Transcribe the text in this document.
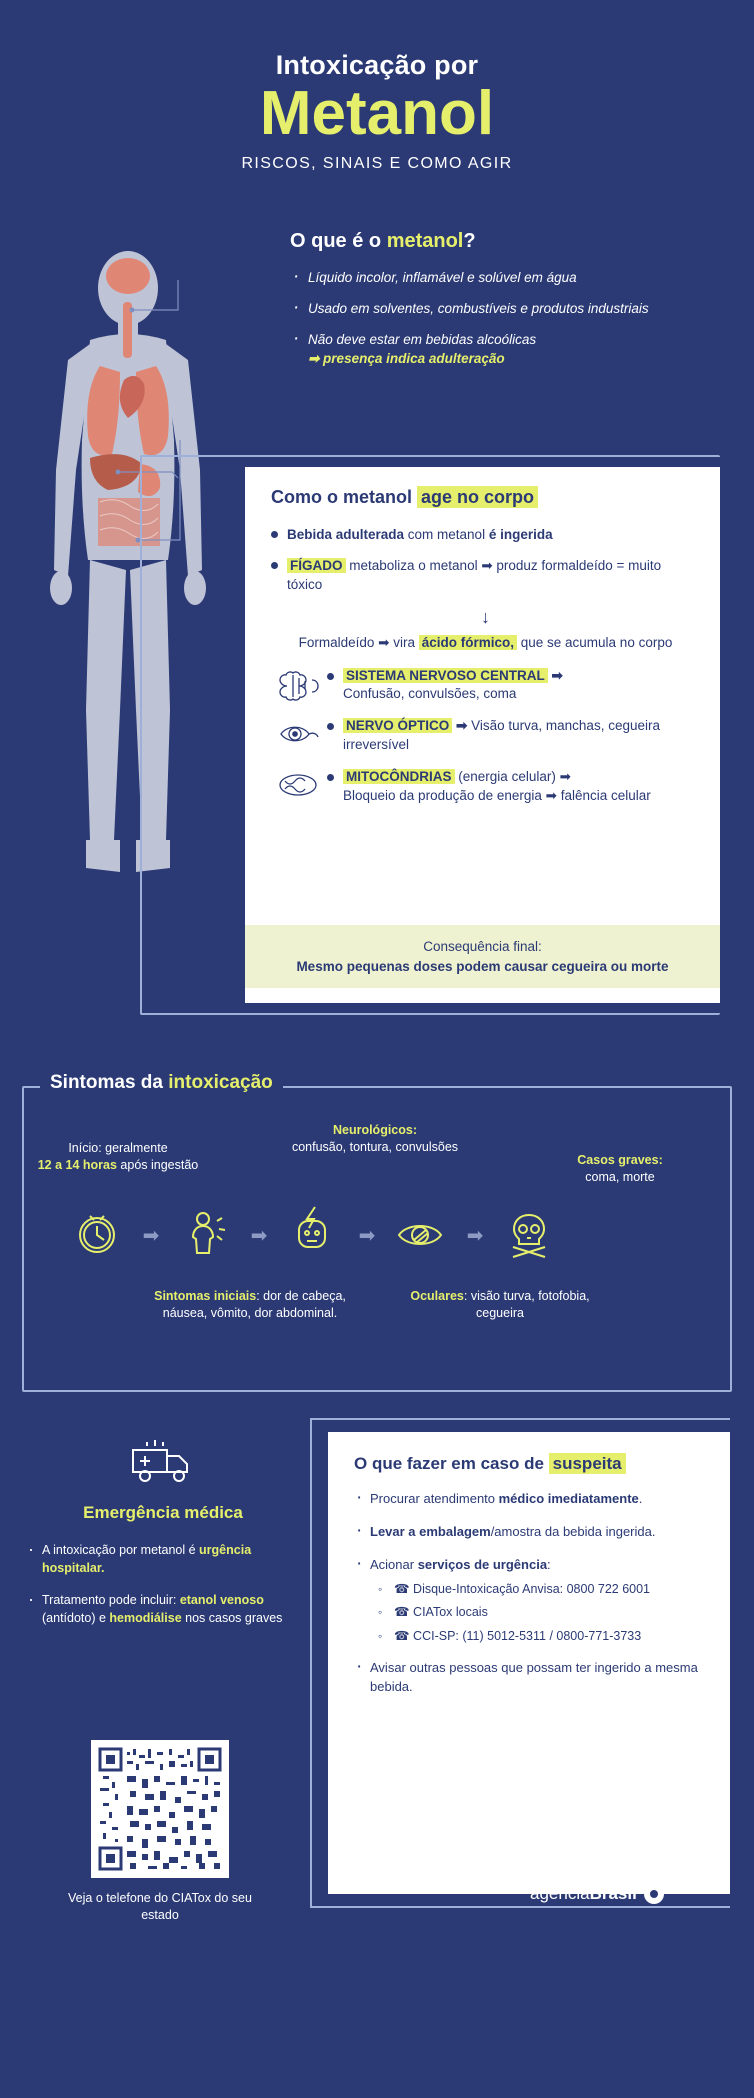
Intoxicação por
Metanol
RISCOS, SINAIS E COMO AGIR
O que é o metanol?
· Líquido incolor, inflamável e solúvel em água
· Usado em solventes, combustíveis e produtos industriais
· Não deve estar em bebidas alcoólicas
➡ presença indica adulteração
Como o metanol age no corpo
Bebida adulterada com metanol é ingerida
FÍGADO metaboliza o metanol ➡ produz formaldeído = muito tóxico
↓
Formaldeído ➡ vira ácido fórmico, que se acumula no corpo
SISTEMA NERVOSO CENTRAL ➡
Confusão, convulsões, coma
NERVO ÓPTICO ➡ Visão turva, manchas, cegueira irreversível
MITOCÔNDRIAS (energia celular) ➡
Bloqueio da produção de energia ➡ falência celular
Consequência final:
Mesmo pequenas doses podem causar cegueira ou morte
Sintomas da intoxicação
Início: geralmente
12 a 14 horas após ingestão
Neurológicos:
confusão, tontura, convulsões
Casos graves:
coma, morte
➡	➡	➡	➡
Sintomas iniciais: dor de cabeça, náusea, vômito, dor abdominal.
Oculares: visão turva, fotofobia, cegueira
Emergência médica
· A intoxicação por metanol é urgência hospitalar.
· Tratamento pode incluir: etanol venoso (antídoto) e hemodiálise nos casos graves
Veja o telefone do CIATox do seu estado
O que fazer em caso de suspeita
· Procurar atendimento médico imediatamente.
· Levar a embalagem/amostra da bebida ingerida.
· Acionar serviços de urgência:
◦ ☎ Disque-Intoxicação Anvisa: 0800 722 6001
◦ ☎ CIATox locais
◦ ☎ CCI-SP: (11) 5012-5311 / 0800-771-3733
· Avisar outras pessoas que possam ter ingerido a mesma bebida.
agênciaBrasil
